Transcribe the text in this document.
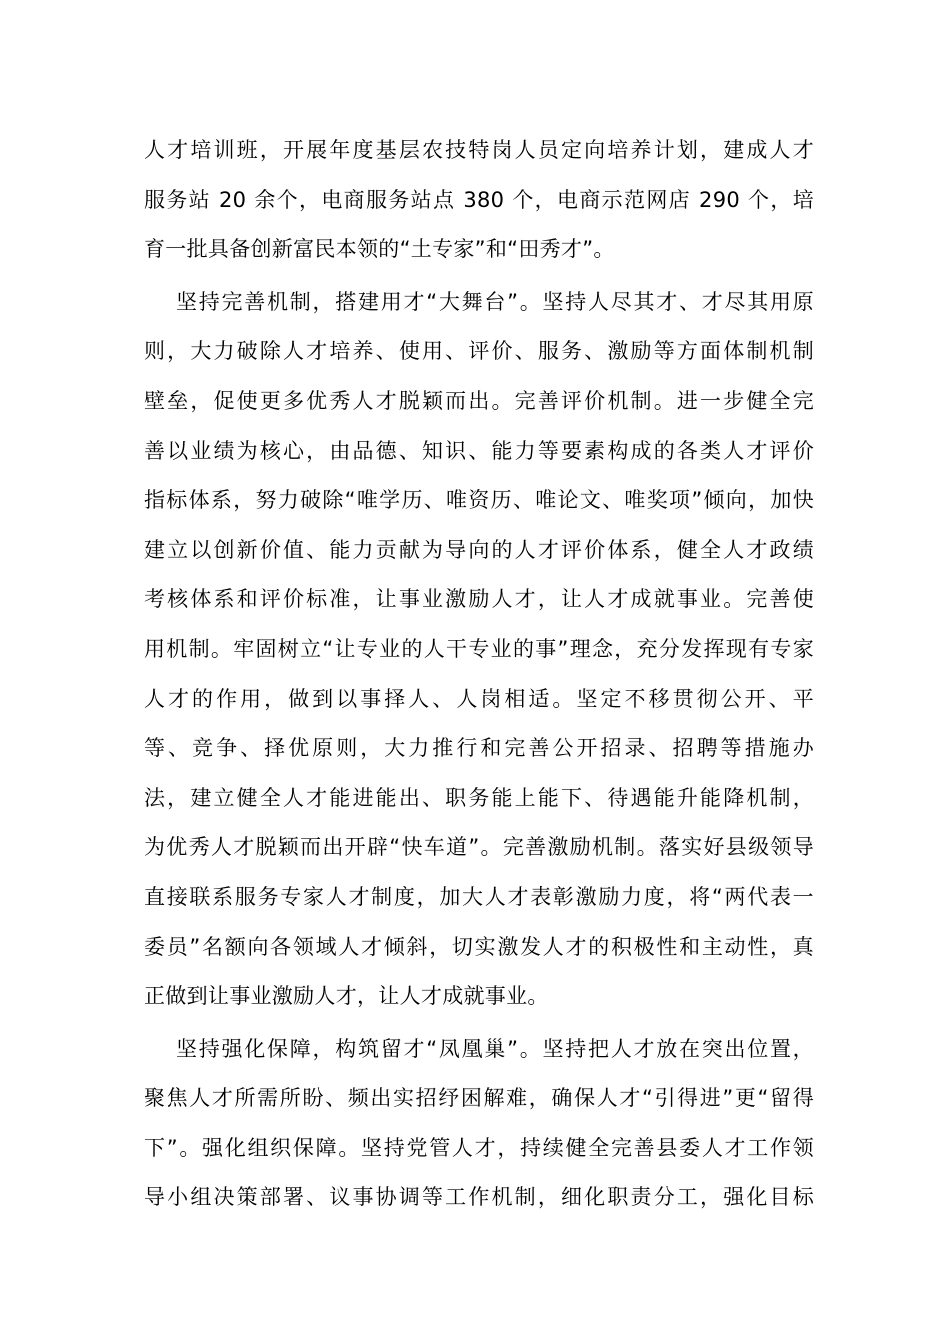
人才培训班，开展年度基层农技特岗人员定向培养计划，建成人才
服务站 20 余个，电商服务站点 380 个，电商示范网店 290 个，培
育一批具备创新富民本领的“土专家”和“田秀才”。
坚持完善机制，搭建用才“大舞台”。坚持人尽其才、才尽其用原
则，大力破除人才培养、使用、评价、服务、激励等方面体制机制
壁垒，促使更多优秀人才脱颖而出。完善评价机制。进一步健全完
善以业绩为核心，由品德、知识、能力等要素构成的各类人才评价
指标体系，努力破除“唯学历、唯资历、唯论文、唯奖项”倾向，加快
建立以创新价值、能力贡献为导向的人才评价体系，健全人才政绩
考核体系和评价标准，让事业激励人才，让人才成就事业。完善使
用机制。牢固树立“让专业的人干专业的事”理念，充分发挥现有专家
人才的作用，做到以事择人、人岗相适。坚定不移贯彻公开、平
等、竞争、择优原则，大力推行和完善公开招录、招聘等措施办
法，建立健全人才能进能出、职务能上能下、待遇能升能降机制，
为优秀人才脱颖而出开辟“快车道”。完善激励机制。落实好县级领导
直接联系服务专家人才制度，加大人才表彰激励力度，将“两代表一
委员”名额向各领域人才倾斜，切实激发人才的积极性和主动性，真
正做到让事业激励人才，让人才成就事业。
坚持强化保障，构筑留才“凤凰巢”。坚持把人才放在突出位置，
聚焦人才所需所盼、频出实招纾困解难，确保人才“引得进”更“留得
下”。强化组织保障。坚持党管人才，持续健全完善县委人才工作领
导小组决策部署、议事协调等工作机制，细化职责分工，强化目标
